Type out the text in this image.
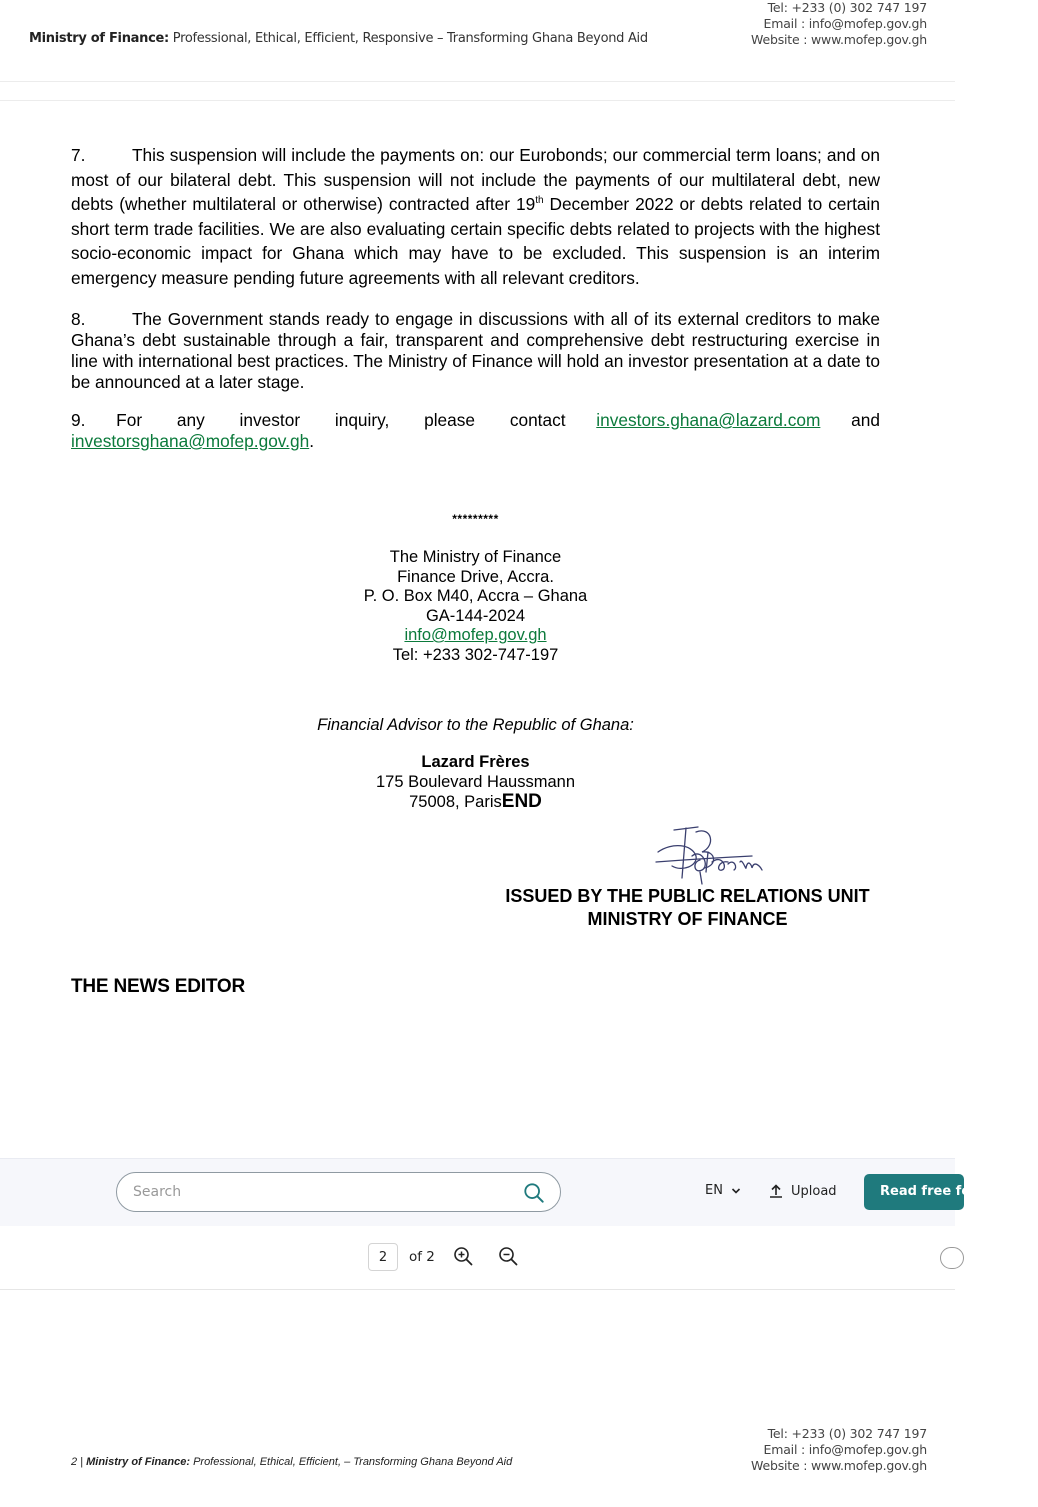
Ministry of Finance: Professional, Ethical, Efficient, Responsive – Transforming Ghana Beyond Aid
Tel: +233 (0) 302 747 197
Email : info@mofep.gov.gh
Website : www.mofep.gov.gh
7.	This suspension will include the payments on: our Eurobonds; our commercial term loans; and on most of our bilateral debt. This suspension will not include the payments of our multilateral debt, new debts (whether multilateral or otherwise) contracted after 19th December 2022 or debts related to certain short term trade facilities. We are also evaluating certain specific debts related to projects with the highest socio-economic impact for Ghana which may have to be excluded. This suspension is an interim emergency measure pending future agreements with all relevant creditors.
8.	The Government stands ready to engage in discussions with all of its external creditors to make Ghana’s debt sustainable through a fair, transparent and comprehensive debt restructuring exercise in line with international best practices. The Ministry of Finance will hold an investor presentation at a date to be announced at a later stage.
9. For any investor inquiry, please contact investors.ghana@lazard.com and
investorsghana@mofep.gov.gh.
*********
The Ministry of Finance
Finance Drive, Accra.
P. O. Box M40, Accra – Ghana
GA-144-2024
info@mofep.gov.gh
Tel: +233 302-747-197
Financial Advisor to the Republic of Ghana:
Lazard Frères
175 Boulevard Haussmann
75008, ParisEND
ISSUED BY THE PUBLIC RELATIONS UNIT
MINISTRY OF FINANCE
THE NEWS EDITOR
Search
EN	Upload	Read free for 30 days
2
of 2
2 | Ministry of Finance: Professional, Ethical, Efficient, – Transforming Ghana Beyond Aid
Tel: +233 (0) 302 747 197
Email : info@mofep.gov.gh
Website : www.mofep.gov.gh
